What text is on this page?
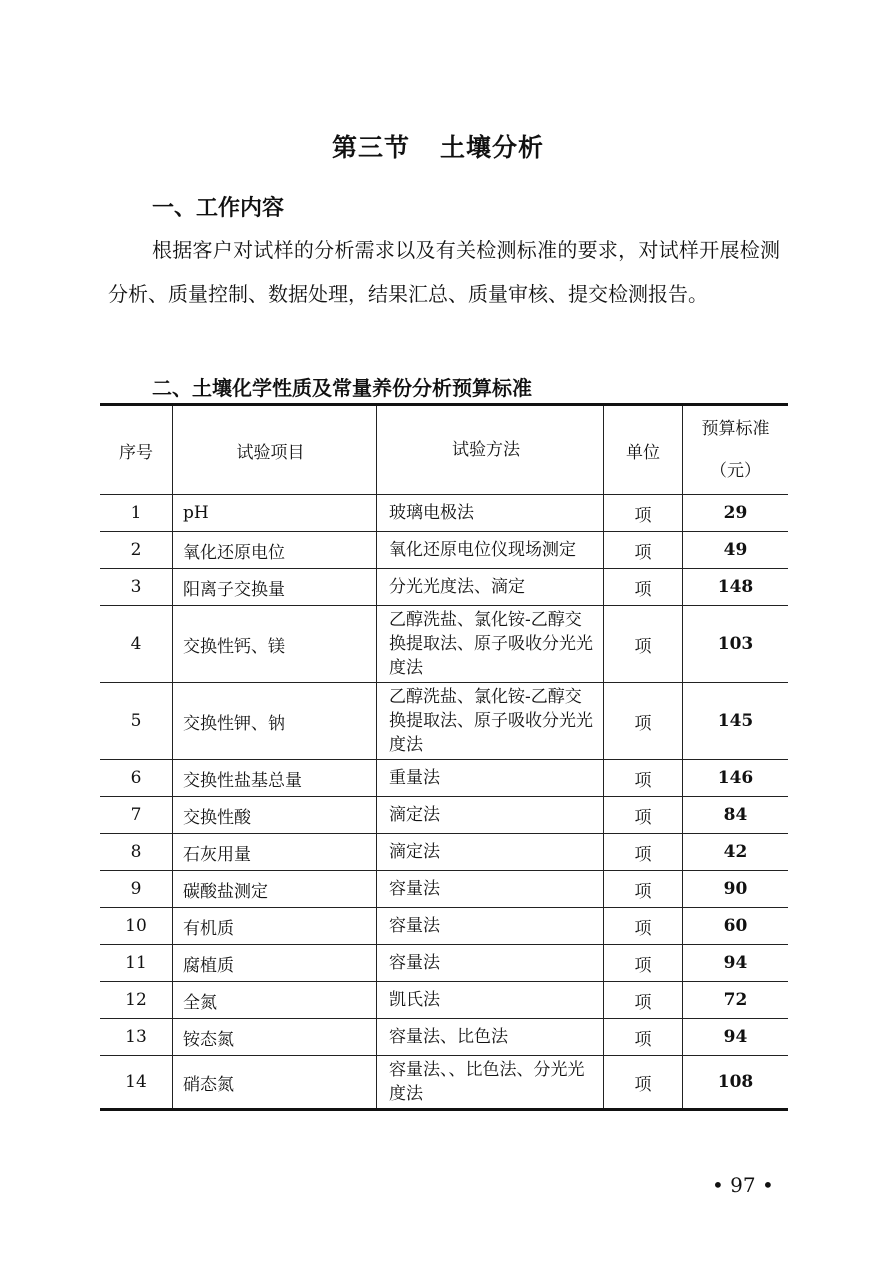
第三节 土壤分析
一、工作内容
根据客户对试样的分析需求以及有关检测标准的要求，对试样开展检测分析、质量控制、数据处理，结果汇总、质量审核、提交检测报告。
二、土壤化学性质及常量养份分析预算标准
序号	试验项目	试验方法	单位	预算标准
（元）
1	pH	玻璃电极法	项	29
2	氧化还原电位	氧化还原电位仪现场测定	项	49
3	阳离子交换量	分光光度法、滴定	项	148
4	交换性钙、镁	乙醇洗盐、氯化铵-乙醇交换提取法、原子吸收分光光度法	项	103
5	交换性钾、钠	乙醇洗盐、氯化铵-乙醇交换提取法、原子吸收分光光度法	项	145
6	交换性盐基总量	重量法	项	146
7	交换性酸	滴定法	项	84
8	石灰用量	滴定法	项	42
9	碳酸盐测定	容量法	项	90
10	有机质	容量法	项	60
11	腐植质	容量法	项	94
12	全氮	凯氏法	项	72
13	铵态氮	容量法、比色法	项	94
14	硝态氮	容量法、、比色法、分光光度法	项	108
• 97 •
